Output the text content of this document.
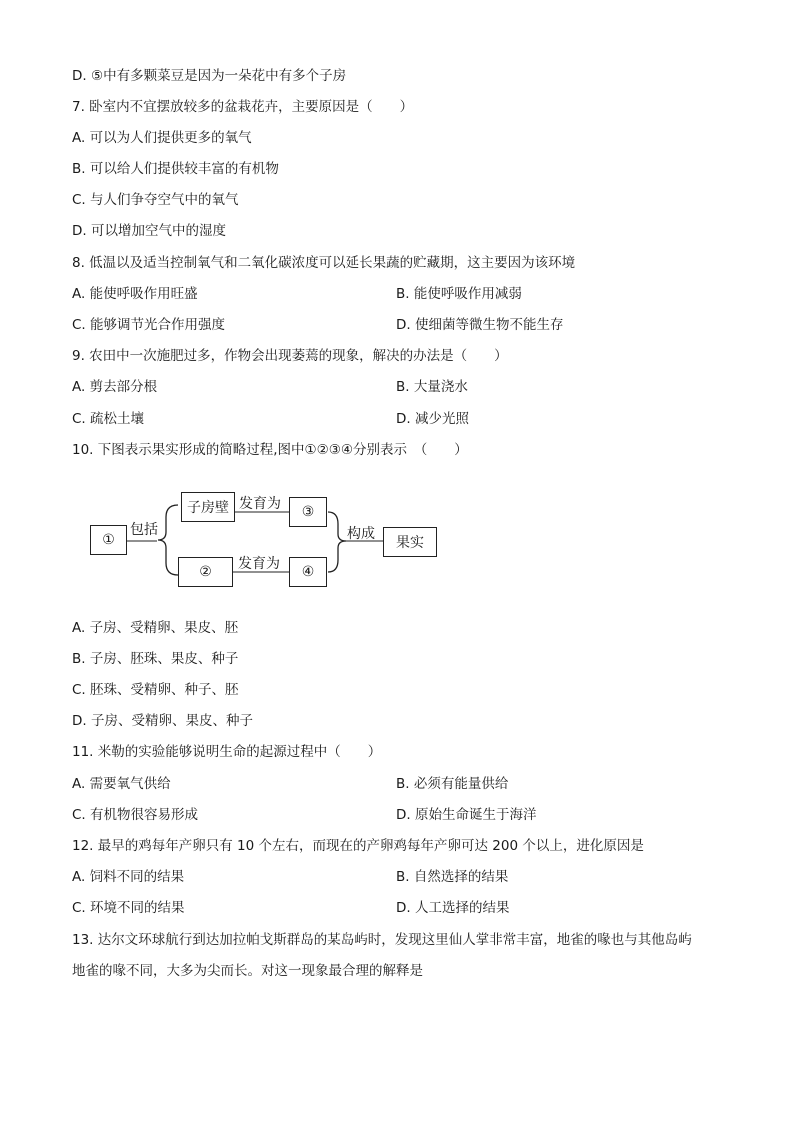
D. ⑤中有多颗菜豆是因为一朵花中有多个子房
7. 卧室内不宜摆放较多的盆栽花卉，主要原因是（　　）
A. 可以为人们提供更多的氧气
B. 可以给人们提供较丰富的有机物
C. 与人们争夺空气中的氧气
D. 可以增加空气中的湿度
8. 低温以及适当控制氧气和二氧化碳浓度可以延长果蔬的贮藏期，这主要因为该环境
A. 能使呼吸作用旺盛	B. 能使呼吸作用减弱
C. 能够调节光合作用强度	D. 使细菌等微生物不能生存
9. 农田中一次施肥过多，作物会出现萎蔫的现象，解决的办法是（　　）
A. 剪去部分根	B. 大量浇水
C. 疏松土壤	D. 减少光照
10. 下图表示果实形成的简略过程,图中①②③④分别表示　（　　）
①
包括
子房壁 发育为	③
②	发育为	④
构成
果实
A. 子房、受精卵、果皮、胚
B. 子房、胚珠、果皮、种子
C. 胚珠、受精卵、种子、胚
D. 子房、受精卵、果皮、种子
11. 米勒的实验能够说明生命的起源过程中（　　）
A. 需要氧气供给	B. 必须有能量供给
C. 有机物很容易形成	D. 原始生命诞生于海洋
12. 最早的鸡每年产卵只有 10 个左右，而现在的产卵鸡每年产卵可达 200 个以上，进化原因是
A. 饲料不同的结果	B. 自然选择的结果
C. 环境不同的结果	D. 人工选择的结果
13. 达尔文环球航行到达加拉帕戈斯群岛的某岛屿时，发现这里仙人掌非常丰富，地雀的喙也与其他岛屿
地雀的喙不同，大多为尖而长。对这一现象最合理的解释是
